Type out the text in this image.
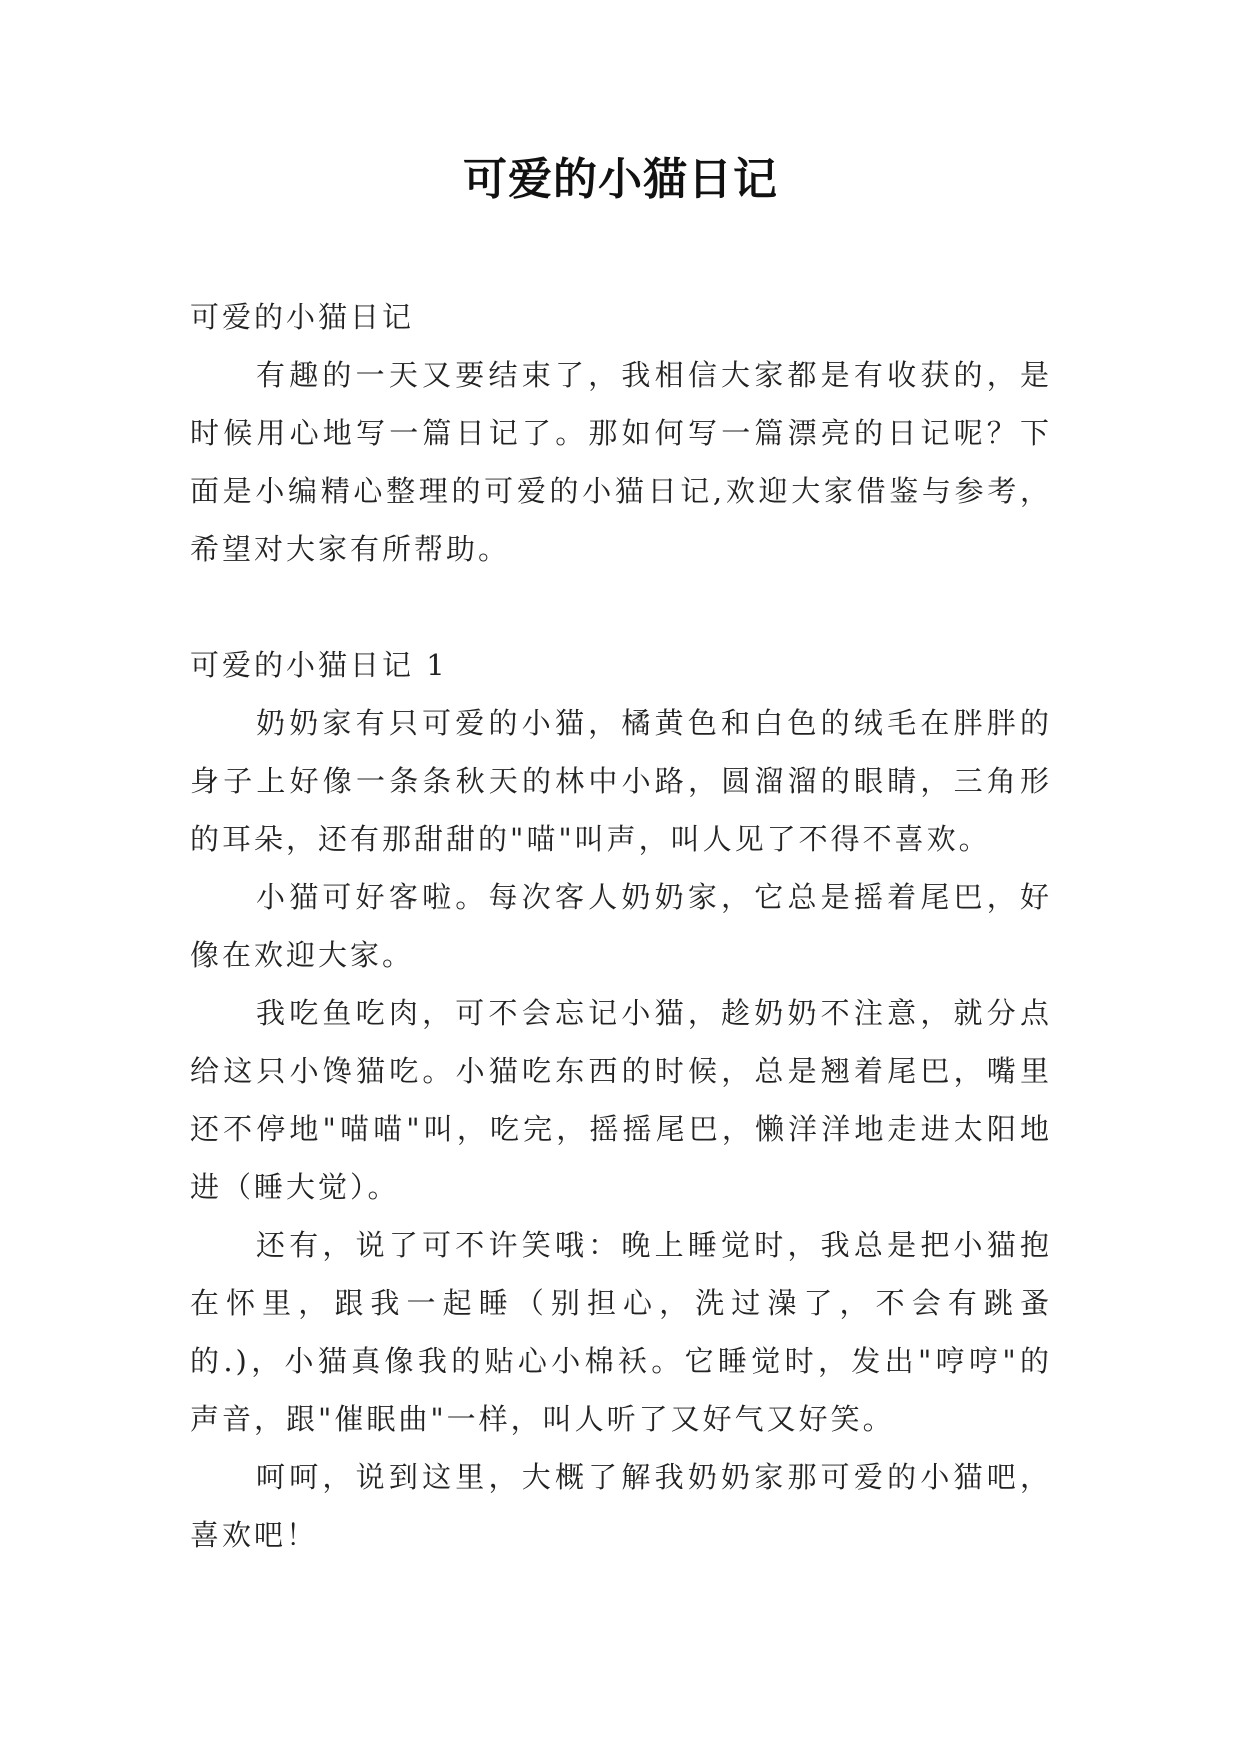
可爱的小猫日记
可爱的小猫日记
有趣的一天又要结束了，我相信大家都是有收获的，是
时候用心地写一篇日记了。那如何写一篇漂亮的日记呢？下
面是小编精心整理的可爱的小猫日记,欢迎大家借鉴与参考，
希望对大家有所帮助。
可爱的小猫日记 1
奶奶家有只可爱的小猫，橘黄色和白色的绒毛在胖胖的
身子上好像一条条秋天的林中小路，圆溜溜的眼睛，三角形
的耳朵，还有那甜甜的"喵"叫声，叫人见了不得不喜欢。
小猫可好客啦。每次客人奶奶家，它总是摇着尾巴，好
像在欢迎大家。
我吃鱼吃肉，可不会忘记小猫，趁奶奶不注意，就分点
给这只小馋猫吃。小猫吃东西的时候，总是翘着尾巴，嘴里
还不停地"喵喵"叫，吃完，摇摇尾巴，懒洋洋地走进太阳地
进（睡大觉）。
还有，说了可不许笑哦：晚上睡觉时，我总是把小猫抱
在怀里，跟我一起睡（别担心，洗过澡了，不会有跳蚤
的.)，小猫真像我的贴心小棉袄。它睡觉时，发出"哼哼"的
声音，跟"催眠曲"一样，叫人听了又好气又好笑。
呵呵，说到这里，大概了解我奶奶家那可爱的小猫吧，
喜欢吧！
